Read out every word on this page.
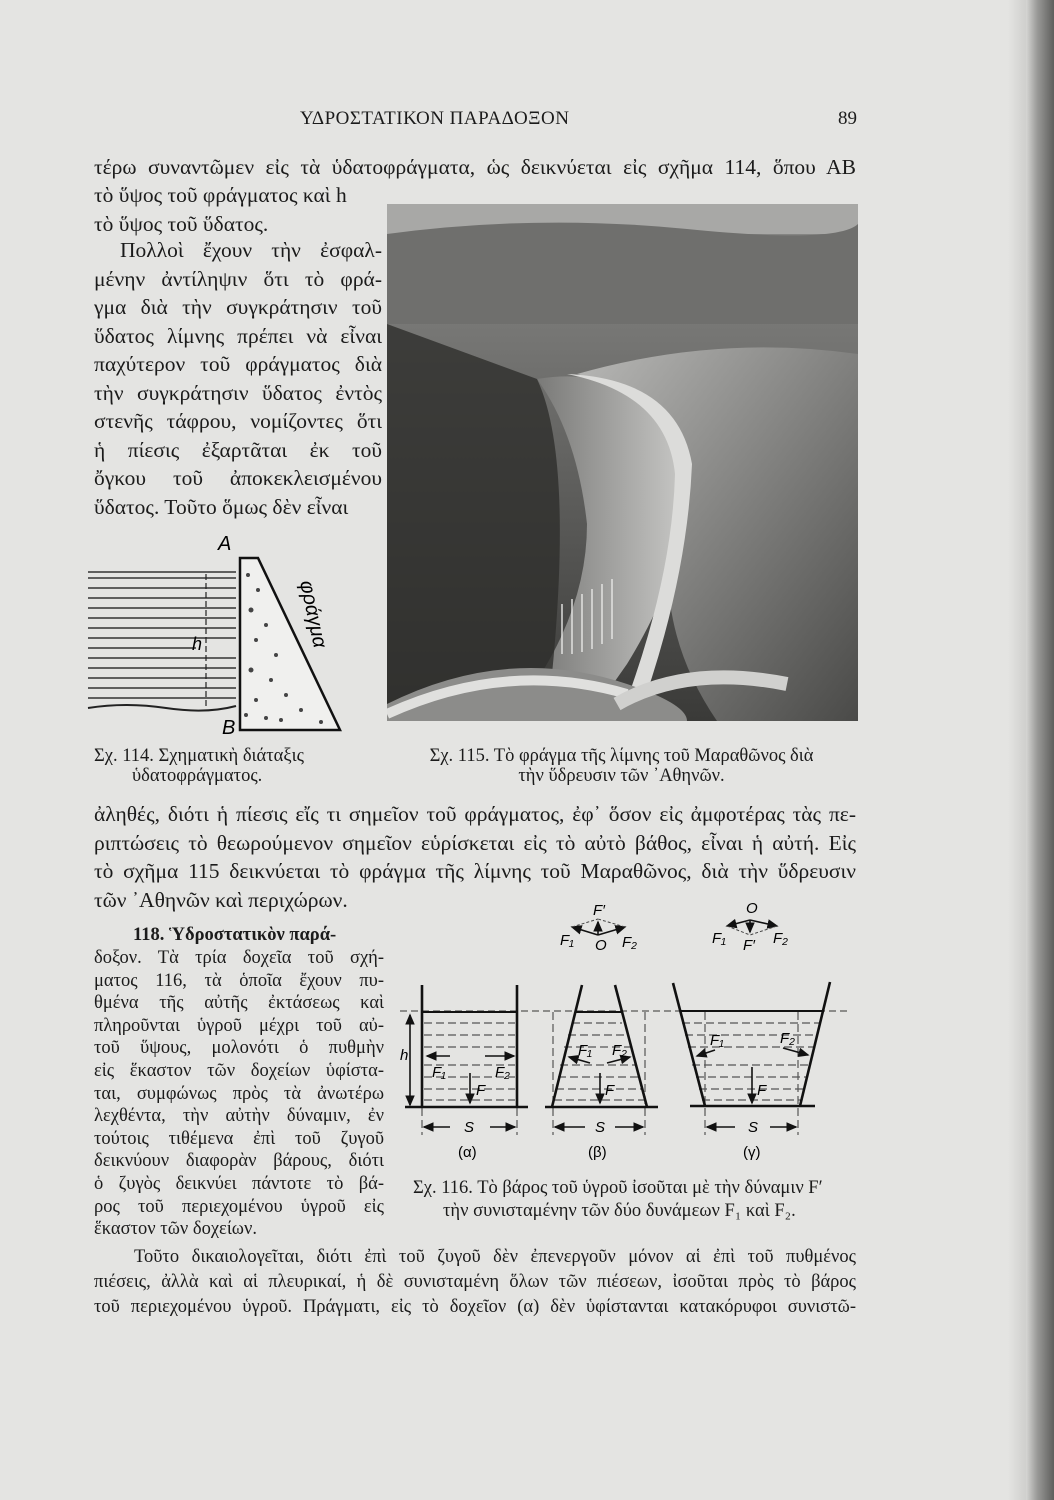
ΥΔΡΟΣΤΑΤΙΚΟΝ ΠΑΡΑΔΟΞΟΝ	89
τέρω συναντῶμεν εἰς τὰ ὑδατοφράγματα, ὡς δεικνύεται εἰς σχῆμα 114, ὅπου ΑΒ
τὸ ὕψος τοῦ φράγματος καὶ h
τὸ ὕψος τοῦ ὕδατος.
Πολλοὶ ἔχουν τὴν ἐσφαλ-
μένην ἀντίληψιν ὅτι τὸ φρά-
γμα διὰ τὴν συγκράτησιν τοῦ
ὕδατος λίμνης πρέπει νὰ εἶναι
παχύτερον τοῦ φράγματος διὰ
τὴν συγκράτησιν ὕδατος ἐντὸς
στενῆς τάφρου, νομίζοντες ὅτι
ἡ πίεσις ἐξαρτᾶται ἐκ τοῦ
ὄγκου τοῦ ἀποκεκλεισμένου
ὕδατος. Τοῦτο ὅμως δὲν εἶναι
A
B
h	φράγμα
Σχ. 114. Σχηματικὴ διάταξις
ὑδατοφράγματος.
Σχ. 115. Τὸ φράγμα τῆς λίμνης τοῦ Μαραθῶνος διὰ
τὴν ὕδρευσιν τῶν ᾿Αθηνῶν.
ἀληθές, διότι ἡ πίεσις εἴς τι σημεῖον τοῦ φράγματος, ἐφ᾿ ὅσον εἰς ἀμφοτέρας τὰς πε-
ριπτώσεις τὸ θεωρούμενον σημεῖον εὑρίσκεται εἰς τὸ αὐτὸ βάθος, εἶναι ἡ αὐτή. Εἰς
τὸ σχῆμα 115 δεικνύεται τὸ φράγμα τῆς λίμνης τοῦ Μαραθῶνος, διὰ τὴν ὕδρευσιν
τῶν ᾿Αθηνῶν καὶ περιχώρων.
118. Ὑδροστατικὸν παρά-
δοξον. Τὰ τρία δοχεῖα τοῦ σχή-
ματος 116, τὰ ὁποῖα ἔχουν πυ-
θμένα τῆς αὐτῆς ἐκτάσεως καὶ
πληροῦνται ὑγροῦ μέχρι τοῦ αὐ-
τοῦ ὕψους, μολονότι ὁ πυθμὴν
εἰς ἕκαστον τῶν δοχείων ὑφίστα-
ται, συμφώνως πρὸς τὰ ἀνωτέρω
λεχθέντα, τὴν αὐτὴν δύναμιν, ἐν
τούτοις τιθέμενα ἐπὶ τοῦ ζυγοῦ
δεικνύουν διαφορὰν βάρους, διότι
ὁ ζυγὸς δεικνύει πάντοτε τὸ βά-
ρος τοῦ περιεχομένου ὑγροῦ εἰς
ἕκαστον τῶν δοχείων.
h
F₁	F₂
F
F₁ F₂
F
F₁	F₂
F
F′
F₁ O F₂
O
F₁ F′ F₂
S	S	S
(α)	(β)	(γ)
Σχ. 116. Τὸ βάρος τοῦ ὑγροῦ ἰσοῦται μὲ τὴν δύναμιν F′
τὴν συνισταμένην τῶν δύο δυνάμεων F₁ καὶ F₂.
Τοῦτο δικαιολογεῖται, διότι ἐπὶ τοῦ ζυγοῦ δὲν ἐπενεργοῦν μόνον αἱ ἐπὶ τοῦ πυθμένος
πιέσεις, ἀλλὰ καὶ αἱ πλευρικαί, ἡ δὲ συνισταμένη ὅλων τῶν πιέσεων, ἰσοῦται πρὸς τὸ βάρος
τοῦ περιεχομένου ὑγροῦ. Πράγματι, εἰς τὸ δοχεῖον (α) δὲν ὑφίστανται κατακόρυφοι συνιστῶ-
